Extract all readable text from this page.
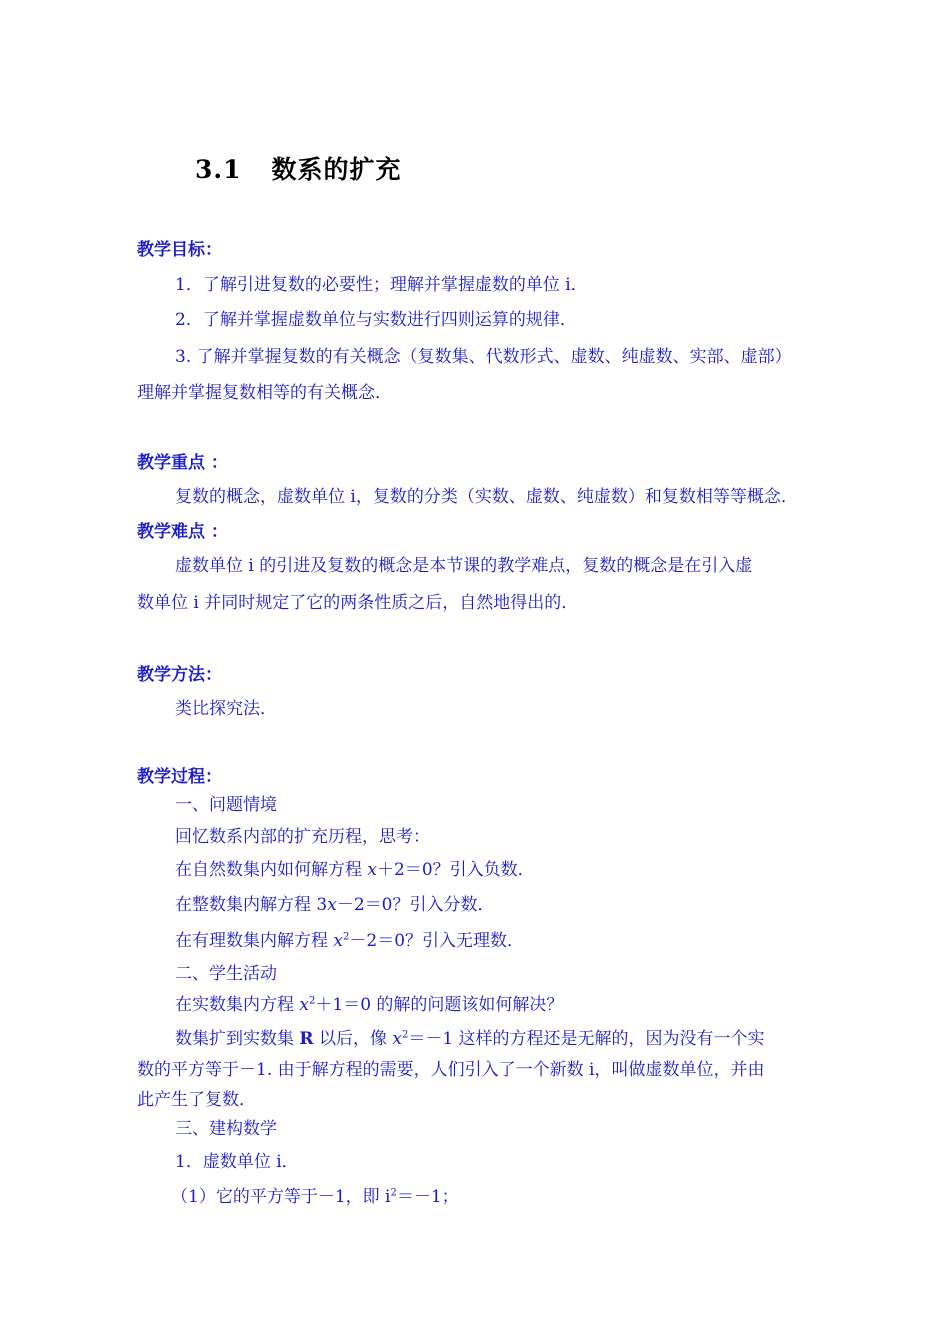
3.1 数系的扩充
教学目标：
1．了解引进复数的必要性；理解并掌握虚数的单位 i．
2．了解并掌握虚数单位与实数进行四则运算的规律．
3. 了解并掌握复数的有关概念（复数集、代数形式、虚数、纯虚数、实部、虚部）
理解并掌握复数相等的有关概念．
教学重点 ：
复数的概念，虚数单位 i，复数的分类（实数、虚数、纯虚数）和复数相等等概念．
教学难点 ：
虚数单位 i 的引进及复数的概念是本节课的教学难点，复数的概念是在引入虚
数单位 i 并同时规定了它的两条性质之后，自然地得出的．
教学方法：
类比探究法．
教学过程：
一、问题情境
回忆数系内部的扩充历程，思考：
在自然数集内如何解方程 x＋2＝0？引入负数．
在整数集内解方程 3x－2＝0？引入分数．
在有理数集内解方程 $x^2-2=0$？引入无理数．
二、学生活动
在实数集内方程 $x^2+1=0$ 的解的问题该如何解决？
数集扩到实数集 R 以后，像 $x^2=-1$ 这样的方程还是无解的，因为没有一个实
数的平方等于－1. 由于解方程的需要，人们引入了一个新数 i，叫做虚数单位，并由
此产生了复数．
三、建构数学
1．虚数单位 i．
（1）它的平方等于－1，即 $i^2=-1$；
